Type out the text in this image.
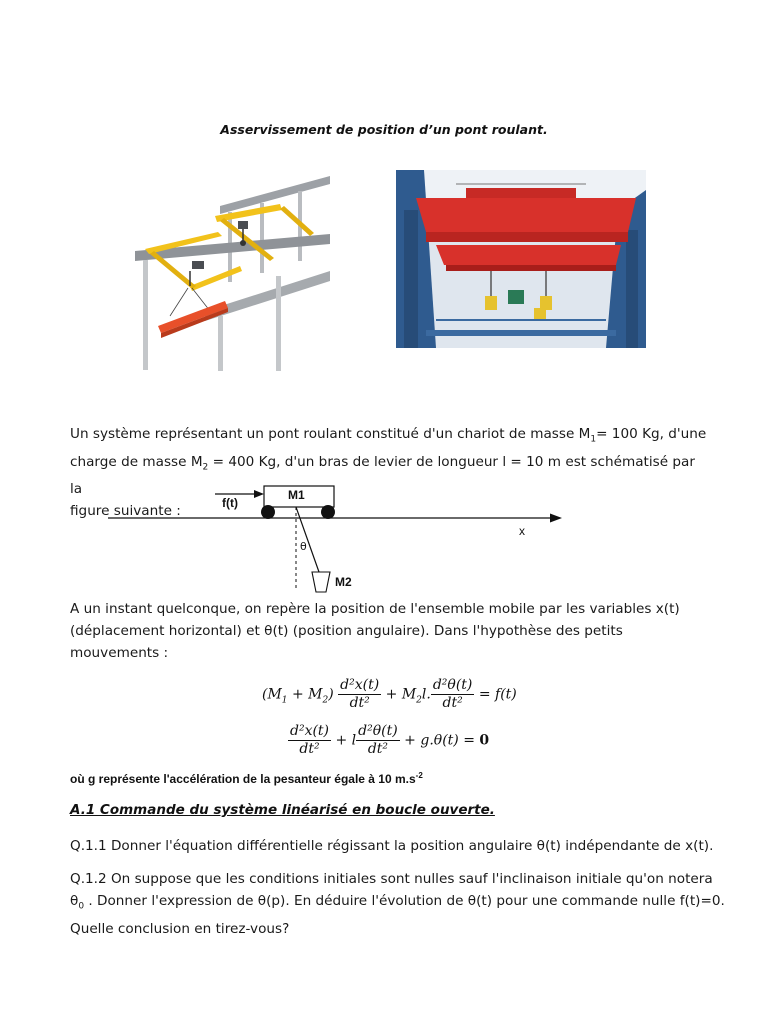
Asservissement de position d’un pont roulant.
Un système représentant un pont roulant constitué d'un chariot de masse $M_1= 100$ Kg, d'une
charge de masse $M_2 = 400$ Kg, d'un bras de levier de longueur l = 10 m est schématisé par la
figure suivante :
f(t)
M1
x
θ
M2
A un instant quelconque, on repère la position de l'ensemble mobile par les variables x(t)
(déplacement horizontal) et θ(t) (position angulaire). Dans l'hypothèse des petits
mouvements :
$(M_1 + M_2) \frac{\text{d²x(t)}}{\text{dt²}} + M_2l$. $\frac{\text{d²θ(t)}}{\text{dt²}} = f(t)$
$\frac{\text{d²x(t)}}{\text{dt²}} + l \frac{\text{d²θ(t)}}{\text{dt²}} + g.\theta(t) = 0$
où g représente l'accélération de la pesanteur égale à 10 $m.s^{-2}$
A.1 Commande du système linéarisé en boucle ouverte.
Q.1.1 Donner l'équation différentielle régissant la position angulaire θ(t) indépendante de x(t).
Q.1.2 On suppose que les conditions initiales sont nulles sauf l'inclinaison initiale qu'on notera
$\theta_0$ . Donner l'expression de θ(p). En déduire l'évolution de θ(t) pour une commande nulle f(t)=0.
Quelle conclusion en tirez-vous?
